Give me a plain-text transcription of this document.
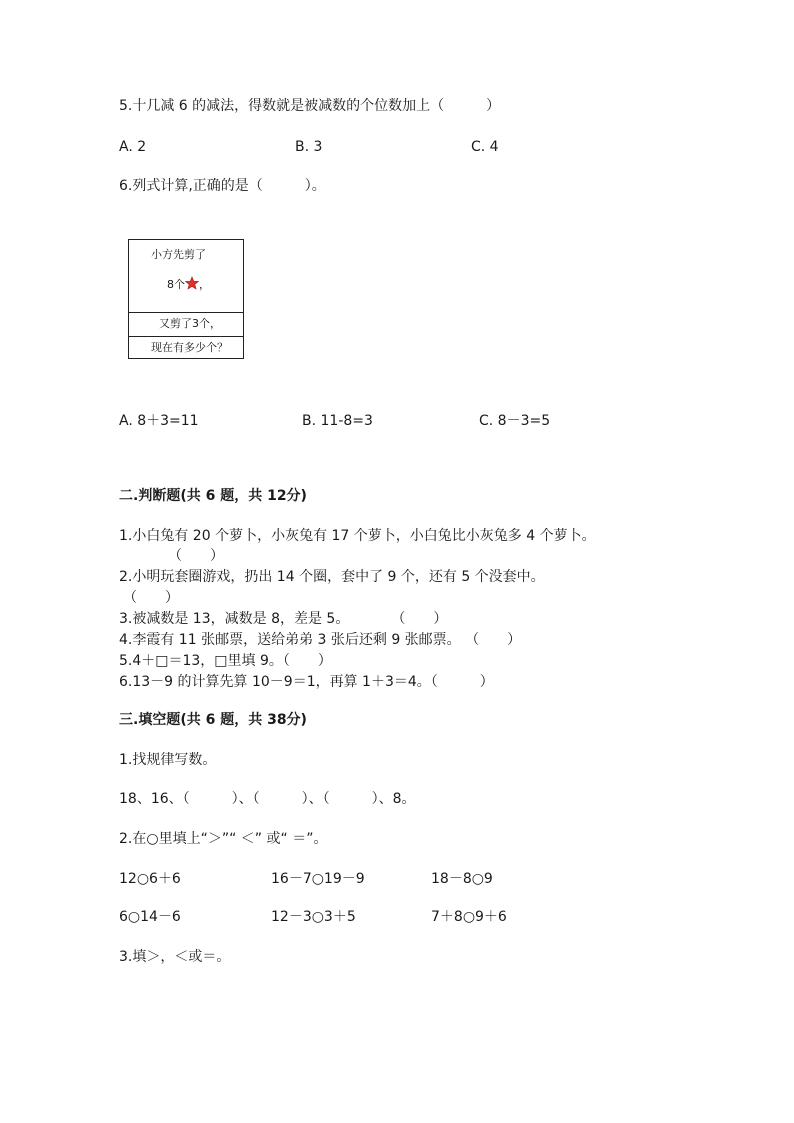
5.十几减 6 的减法，得数就是被减数的个位数加上（　　　）
A. 2	B. 3	C. 4
6.列式计算,正确的是（　　　）。
小方先剪了
8个 ，
又剪了3个，
现在有多少个？
A. 8＋3=11	B. 11-8=3	C. 8－3=5
二.判断题(共 6 题，共 12分)
1.小白兔有 20 个萝卜，小灰兔有 17 个萝卜，小白兔比小灰兔多 4 个萝卜。
（　　）
2.小明玩套圈游戏，扔出 14 个圈，套中了 9 个，还有 5 个没套中。
（　　）
3.被减数是 13，减数是 8，差是 5。　　　　（　　）
4.李霞有 11 张邮票，送给弟弟 3 张后还剩 9 张邮票。 （　　）
5.4＋□＝13，□里填 9。（　　）
6.13－9 的计算先算 10－9＝1，再算 1＋3＝4。（　　　）
三.填空题(共 6 题，共 38分)
1.找规律写数。
18、16、（　　　）、（　　　）、（　　　）、8。
2.在○里填上“＞”“ ＜” 或“ ＝”。
12○6＋6	16－7○19－9	18－8○9
6○14－6	12－3○3＋5	7＋8○9＋6
3.填＞，＜或＝。
